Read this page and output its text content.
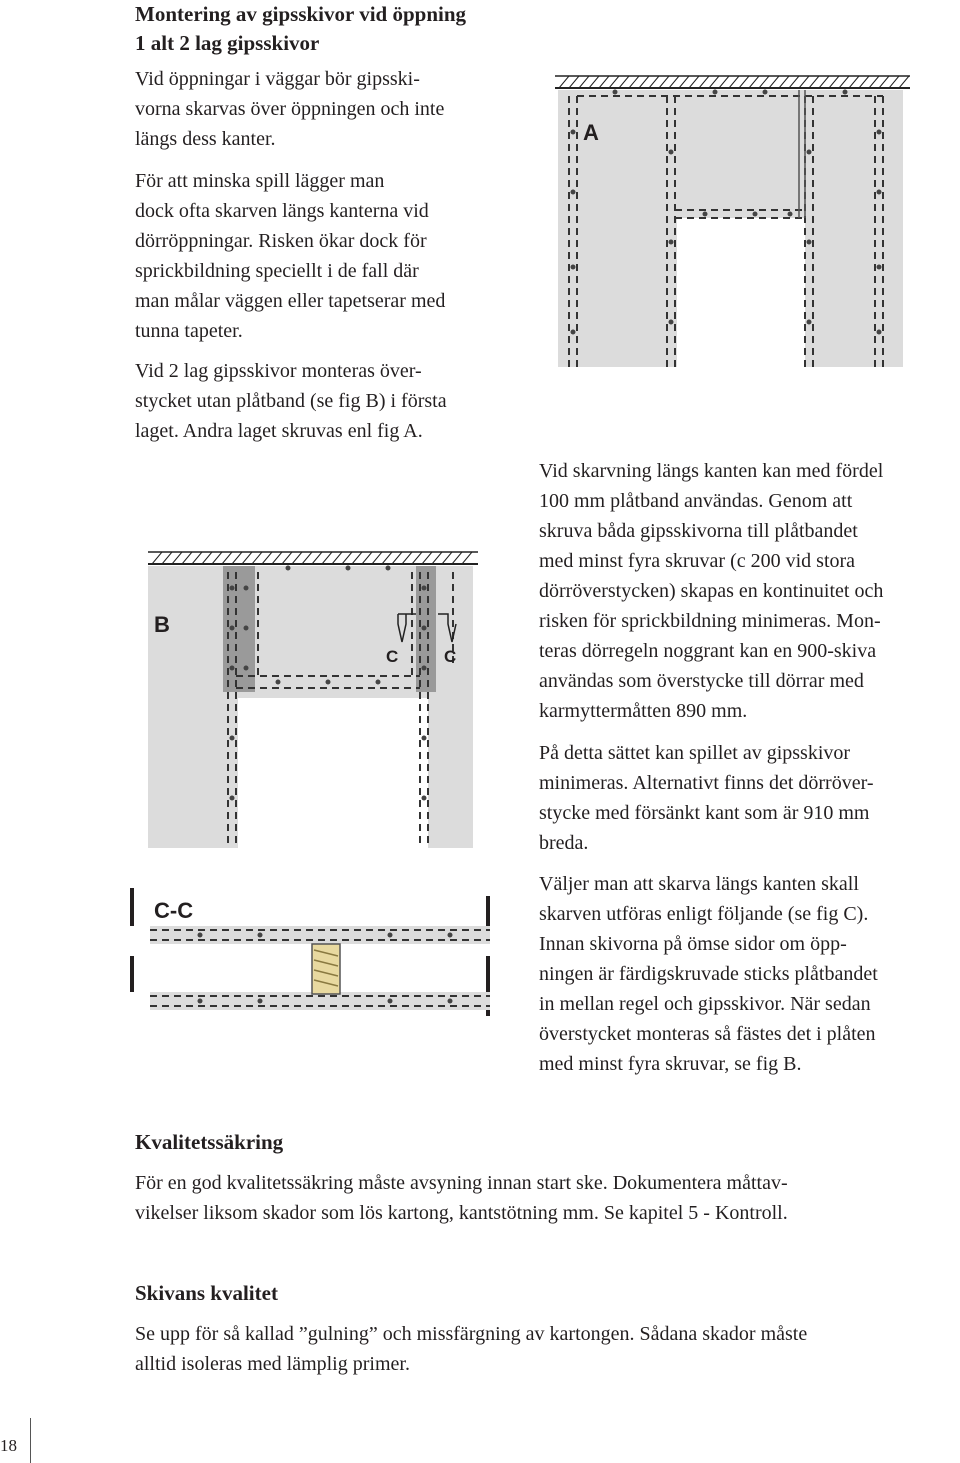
Montering av gipsskivor vid öppning

1 alt 2 lag gipsskivor

Vid öppningar i väggar bör gipsski-

vorna skarvas över öppningen och inte

längs dess kanter.

För att minska spill lägger man

dock ofta skarven längs kanterna vid

dörröppningar. Risken ökar dock för

sprickbildning speciellt i de fall där

man målar väggen eller tapetserar med

tunna tapeter.

Vid 2 lag gipsskivor monteras över-

stycket utan plåtband (se fig B) i första

laget. Andra laget skruvas enl fig A.

A
B
C	C
C-C

Vid skarvning längs kanten kan med fördel

100 mm plåtband användas. Genom att

skruva båda gipsskivorna till plåtbandet

med minst fyra skruvar (c 200 vid stora

dörröverstycken) skapas en kontinuitet och

risken för sprickbildning minimeras. Mon-

teras dörregeln noggrant kan en 900-skiva

användas som överstycke till dörrar med

karmyttermåtten 890 mm.

På detta sättet kan spillet av gipsskivor

minimeras. Alternativt finns det dörröver-

stycke med försänkt kant som är 910 mm

breda.

Väljer man att skarva längs kanten skall

skarven utföras enligt följande (se fig C).

Innan skivorna på ömse sidor om öpp-

ningen är färdigskruvade sticks plåtbandet

in mellan regel och gipsskivor. När sedan

överstycket monteras så fästes det i plåten

med minst fyra skruvar, se fig B.

Kvalitetssäkring

För en god kvalitetssäkring måste avsyning innan start ske. Dokumentera måttav-

vikelser liksom skador som lös kartong, kantstötning mm. Se kapitel 5 - Kontroll.

Skivans kvalitet

Se upp för så kallad ”gulning” och missfärgning av kartongen. Sådana skador måste

alltid isoleras med lämplig primer.

18
